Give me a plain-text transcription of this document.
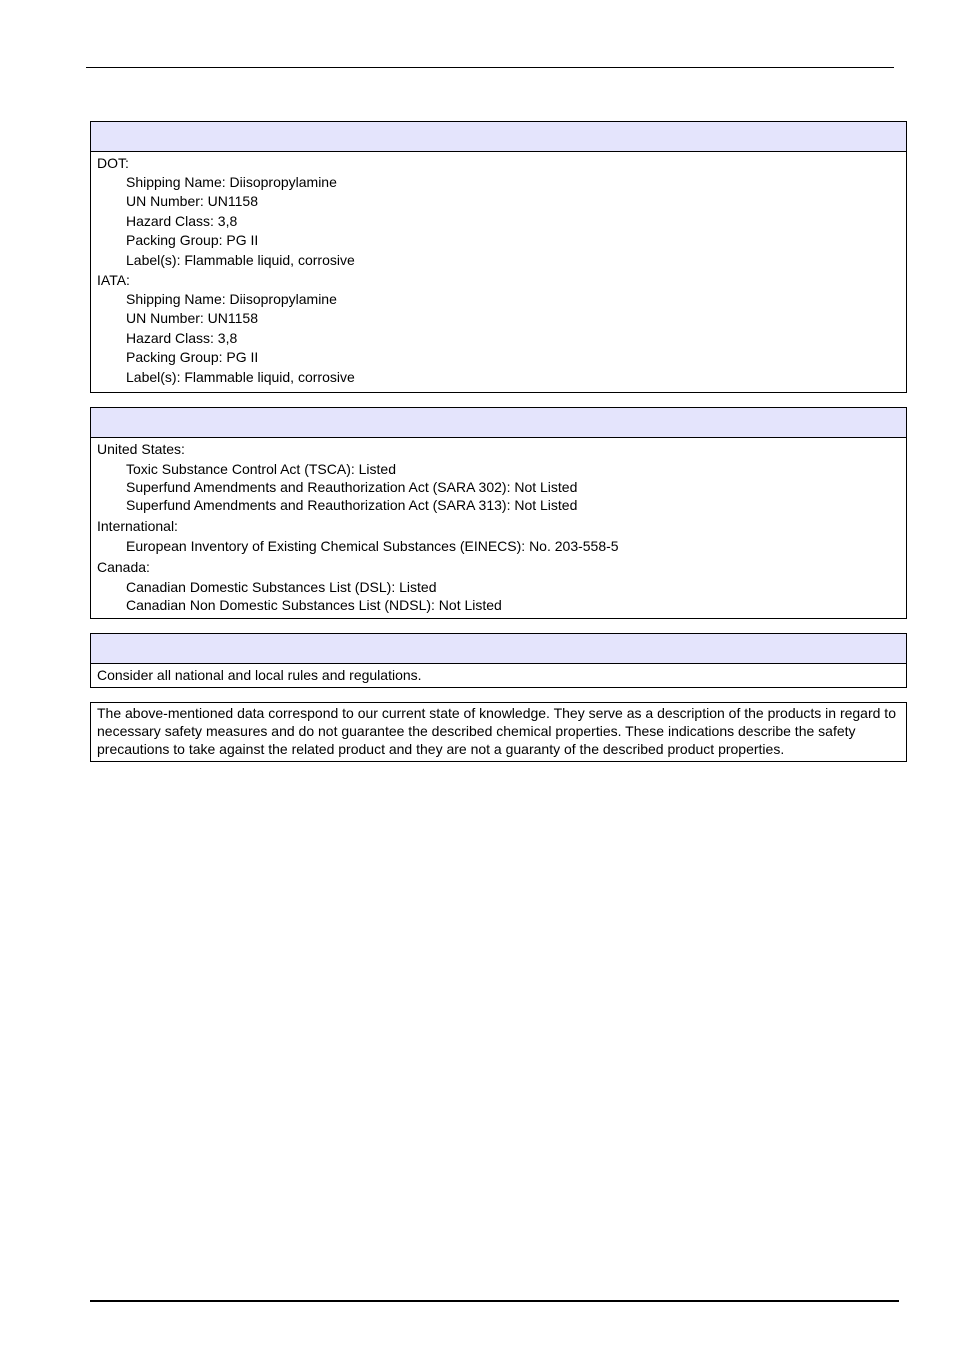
DOT:
Shipping Name: Diisopropylamine
UN Number: UN1158
Hazard Class: 3,8
Packing Group: PG II
Label(s): Flammable liquid, corrosive
IATA:
Shipping Name: Diisopropylamine
UN Number: UN1158
Hazard Class: 3,8
Packing Group: PG II
Label(s): Flammable liquid, corrosive
United States:
Toxic Substance Control Act (TSCA): Listed
Superfund Amendments and Reauthorization Act (SARA 302): Not Listed
Superfund Amendments and Reauthorization Act (SARA 313): Not Listed
International:
European Inventory of Existing Chemical Substances (EINECS): No. 203-558-5
Canada:
Canadian Domestic Substances List (DSL): Listed
Canadian Non Domestic Substances List (NDSL): Not Listed
Consider all national and local rules and regulations.
The above-mentioned data correspond to our current state of knowledge. They serve as a description of the products in regard to necessary safety measures and do not guarantee the described chemical properties. These indications describe the safety precautions to take against the related product and they are not a guaranty of the described product properties.
